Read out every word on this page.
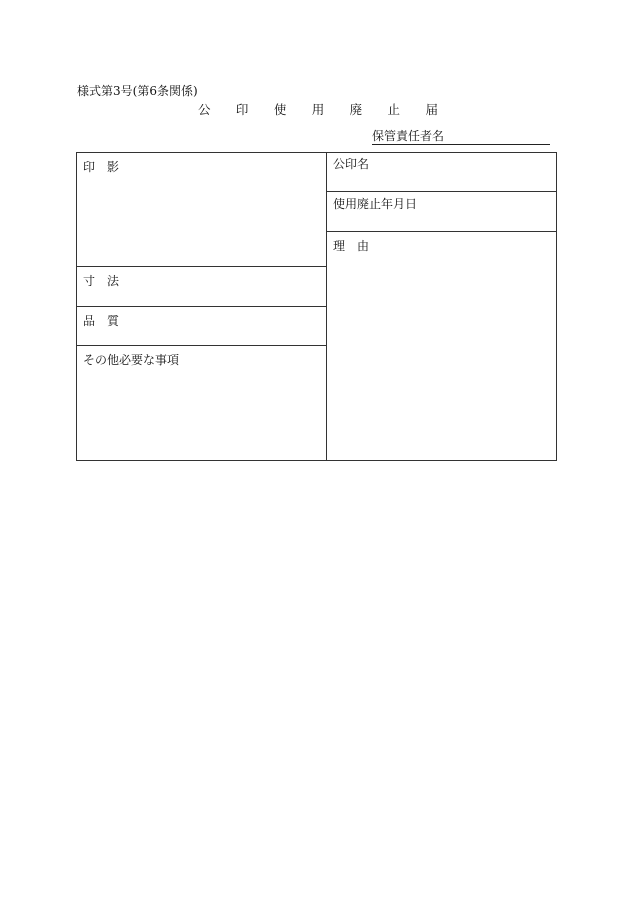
様式第3号(第6条関係)
公 印 使 用 廃 止 届
保管責任者名
印　影
寸　法
品　質
その他必要な事項
公印名
使用廃止年月日
理　由
